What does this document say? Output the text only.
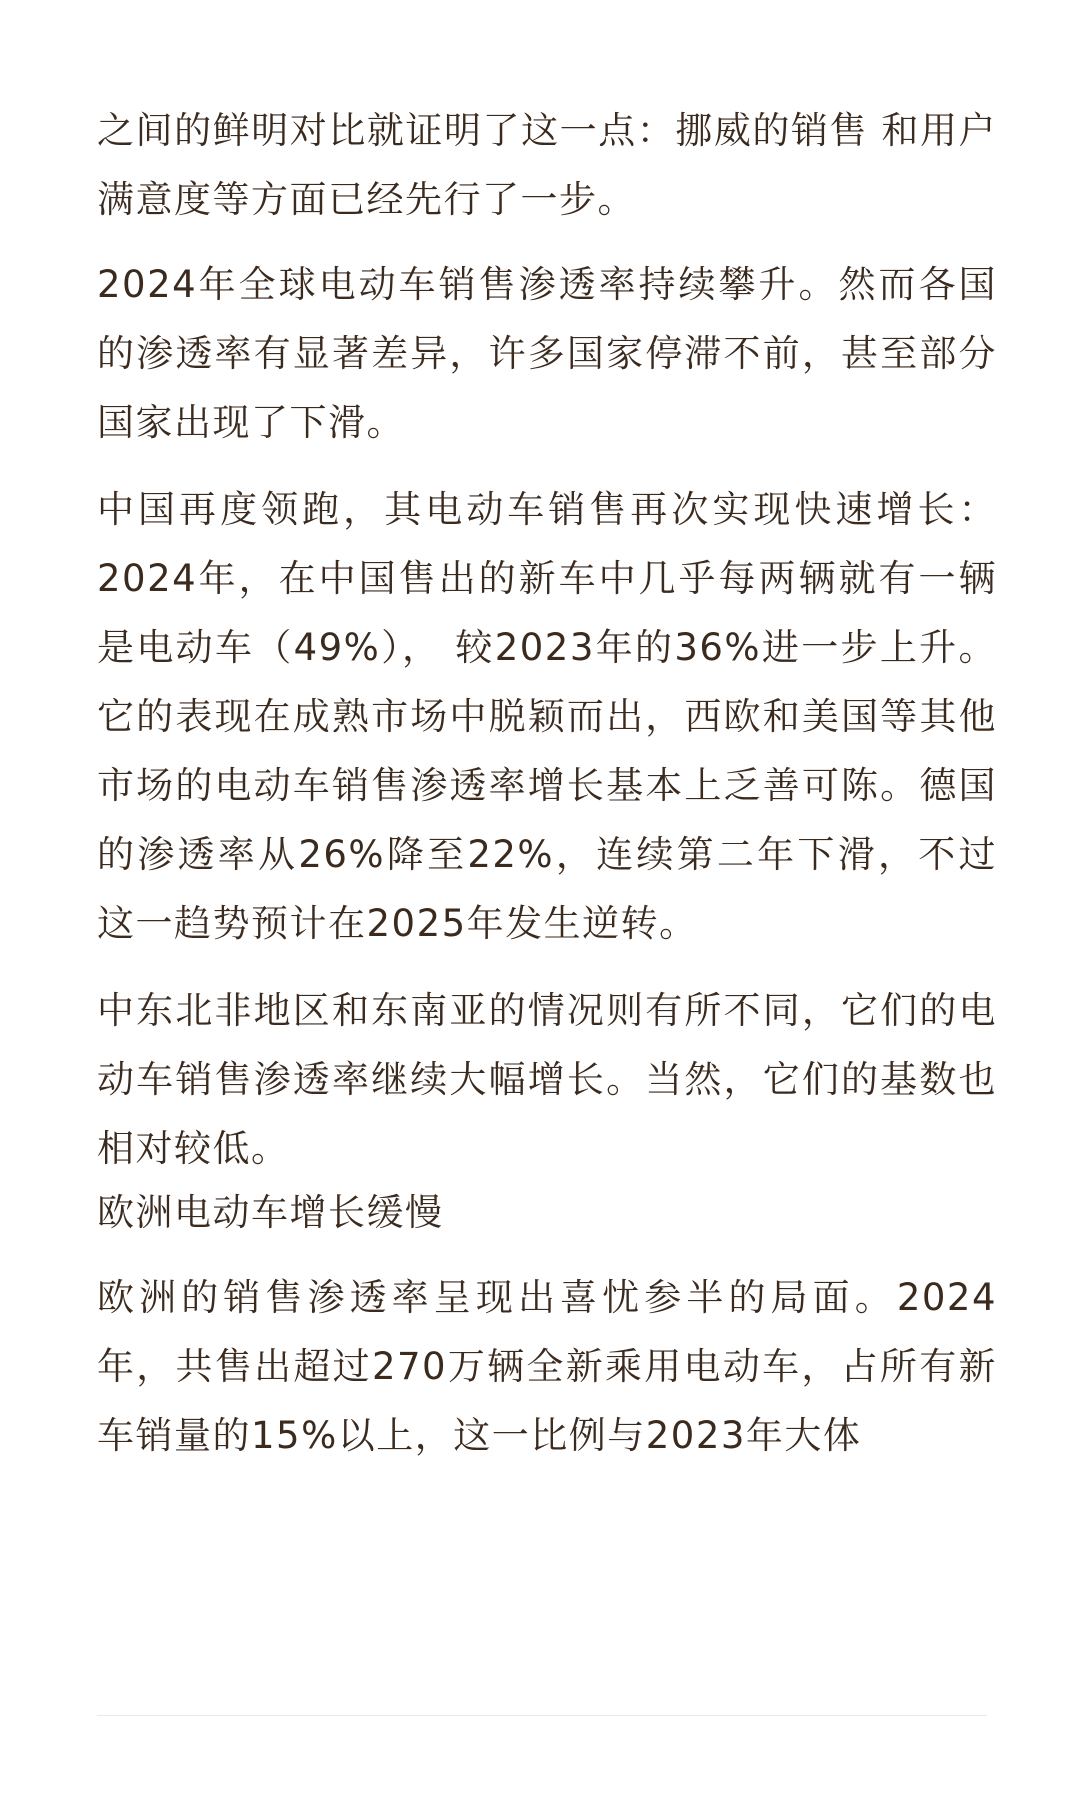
之间的鲜明对比就证明了这一点：挪威的销售 和用户满意度等方面已经先行了一步。

2024年全球电动车销售渗透率持续攀升。然而各国的渗透率有显著差异，许多国家停滞不前，甚至部分国家出现了下滑。

中国再度领跑，其电动车销售再次实现快速增长：2024年，在中国售出的新车中几乎每两辆就有一辆是电动车（49%）， 较2023年的36%进一步上升。它的表现在成熟市场中脱颖而出，西欧和美国等其他市场的电动车销售渗透率增长基本上乏善可陈。德国的渗透率从26%降至22%，连续第二年下滑，不过这一趋势预计在2025年发生逆转。

中东北非地区和东南亚的情况则有所不同，它们的电动车销售渗透率继续大幅增长。当然，它们的基数也相对较低。

欧洲电动车增长缓慢

欧洲的销售渗透率呈现出喜忧参半的局面。2024年，共售出超过270万辆全新乘用电动车，占所有新车销量的15%以上，这一比例与2023年大体
